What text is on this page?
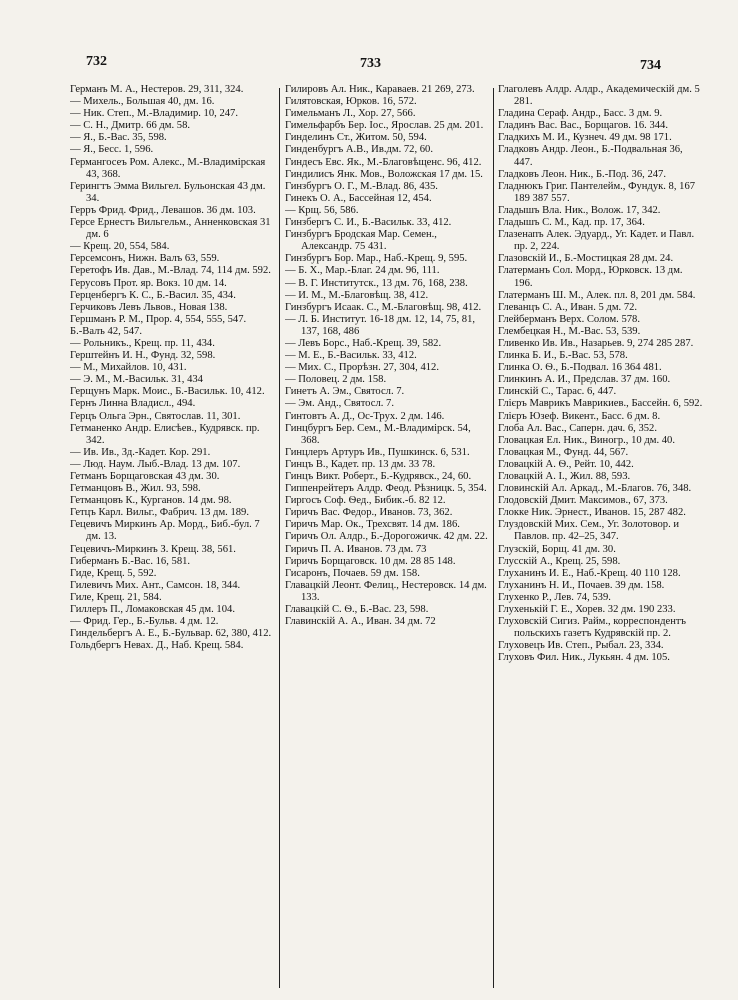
732	733	734

Германъ М. А., Нестеров. 29, 311, 324.

— Михель., Большая 40, дм. 16.

— Ник. Степ., М.-Владимир. 10, 247.

— С. Н., Дмитр. 66 дм. 58.

— Я., Б.-Вас. 35, 598.

— Я., Бесс. 1, 596.

Германгосеъ Ром. Алекс., М.-Владимірская 43, 368.

Герингтъ Эмма Вильгел. Бульонская 43 дм. 34.

Герръ Фрид. Фрид., Левашов. 36 дм. 103.

Герсе Ернестъ Вильгельм., Анненковская 31 дм. 6

— Крещ. 20, 554, 584.

Герсемсонъ, Нижн. Валъ 63, 559.

Геретофъ Ив. Дав., М.-Влад. 74, 114 дм. 592.

Герусовъ Прот. яр. Вокз. 10 дм. 14.

Герценбергъ К. С., Б.-Васил. 35, 434.

Герчиковъ Левъ Львов., Новая 138.

Гершманъ Р. М., Прор. 4, 554, 555, 547.

Б.-Валъ 42, 547.

— Рольникъ., Крещ. пр. 11, 434.

Герштейнъ И. Н., Фунд. 32, 598.

— М., Михайлов. 10, 431.

— Э. М., М.-Васильк. 31, 434

Герщунъ Марк. Моис., Б.-Васильк. 10, 412.

Гернъ Линна Владисл., 494.

Герцъ Ольга Эрн., Святослав. 11, 301.

Гетманенко Андр. Елисѣев., Кудрявск. пр. 342.

— Ив. Ив., Зд.-Кадет. Кор. 291.

— Люд. Наум. Лыб.-Влад. 13 дм. 107.

Гетманъ Борщаговская 43 дм. 30.

Гетманцовъ В., Жил. 93, 598.

Гетманцовъ К., Курганов. 14 дм. 98.

Гетцъ Карл. Вильг., Фабрич. 13 дм. 189.

Гецевичъ Миркинъ Ар. Морд., Биб.-бул. 7 дм. 13.

Гецевичъ-Миркинъ З. Крещ. 38, 561.

Гиберманъ Б.-Вас. 16, 581.

Гиде, Крещ. 5, 592.

Гилевичъ Мих. Ант., Самсон. 18, 344.

Гиле, Крещ. 21, 584.

Гиллеръ П., Ломаковская 45 дм. 104.

— Фрид. Гер., Б.-Бульв. 4 дм. 12.

Гиндельбергъ А. Е., Б.-Бульвар. 62, 380, 412.

Гольдбергъ Невах. Д., Наб. Крещ. 584.

Гилировъ Ал. Ник., Караваев. 21 269, 273.

Гилятовская, Юрков. 16, 572.

Гимельманъ Л., Хор. 27, 566.

Гимельфарбъ Бер. Іос., Ярослав. 25 дм. 201.

Гинделинъ Ст., Житом. 50, 594.

Гинденбургъ А.В., Ив.дм. 72, 60.

Гиндесъ Евс. Як., М.-Благовѣщенс. 96, 412.

Гиндилисъ Янк. Мов., Воложская 17 дм. 15.

Гинзбургъ О. Г., М.-Влад. 86, 435.

Гинекъ О. А., Бассейная 12, 454.

— Крщ. 56, 586.

Гинзбергъ С. И., Б.-Васильк. 33, 412.

Гинзбургъ Бродская Мар. Семен., Александр. 75 431.

Гинзбургъ Бор. Мар., Наб.-Крещ. 9, 595.

— Б. Х., Мар.-Благ. 24 дм. 96, 111.

— В. Г. Институтск., 13 дм. 76, 168, 238.

— И. М., М.-Благовѣщ. 38, 412.

Гинзбургъ Исаак. С., М.-Благовѣщ. 98, 412.

— Л. Б. Институт. 16-18 дм. 12, 14, 75, 81, 137, 168, 486

— Левъ Борс., Наб.-Крещ. 39, 582.

— М. Е., Б.-Васильк. 33, 412.

— Мих. С., Прорѣзн. 27, 304, 412.

— Половец. 2 дм. 158.

Гинетъ А. Эм., Святосл. 7.

— Эм. Анд., Святосл. 7.

Гинтовтъ А. Д., Ос-Трух. 2 дм. 146.

Гинцбургъ Бер. Сем., М.-Владимірск. 54, 368.

Гинцлеръ Артуръ Ив., Пушкинск. 6, 531.

Гинцъ В., Кадет. пр. 13 дм. 33 78.

Гинцъ Викт. Роберт., Б.-Кудрявск., 24, 60.

Гиппенрейтеръ Алдр. Феод. Рѣзницк. 5, 354.

Гиргосъ Соф. Ѳед., Бибик.-б. 82 12.

Гиричъ Вас. Федор., Иванов. 73, 362.

Гиричъ Мар. Ок., Трехсвят. 14 дм. 186.

Гиричъ Ол. Алдр., Б.-Дорогожичк. 42 дм. 22.

Гиричъ П. А. Иванов. 73 дм. 73

Гиричъ Борщаговск. 10 дм. 28 85 148.

Гисаронъ, Почаев. 59 дм. 158.

Главацкій Леонт. Фелиц., Нестеровск. 14 дм. 133.

Главацкій С. Ѳ., Б.-Вас. 23, 598.

Главинскій А. А., Иван. 34 дм. 72

Глаголевъ Алдр. Алдр., Академическій дм. 5 281.

Гладина Сераф. Андр., Басс. 3 дм. 9.

Гладинъ Вас. Вас., Борщагов. 16. 344.

Гладкихъ М. И., Кузнеч. 49 дм. 98 171.

Гладковъ Андр. Леон., Б.-Подвальная 36, 447.

Гладковъ Леон. Ник., Б.-Под. 36, 247.

Гладнюкъ Григ. Пантелейм., Фундук. 8, 167 189 387 557.

Гладышъ Вла. Ник., Волож. 17, 342.

Гладышъ С. М., Кад. пр. 17, 364.

Глазенапъ Алек. Эдуард., Уг. Кадет. и Павл. пр. 2, 224.

Глазовскій И., Б.-Мостицкая 28 дм. 24.

Глатерманъ Сол. Морд., Юрковск. 13 дм. 196.

Глатерманъ Ш. М., Алек. пл. 8, 201 дм. 584.

Глеванцъ С. А., Иван. 5 дм. 72.

Глейберманъ Верх. Солом. 578.

Глембецкая Н., М.-Вас. 53, 539.

Гливенко Ив. Ив., Назарьев. 9, 274 285 287.

Глинка Б. И., Б.-Вас. 53, 578.

Глинка О. Ѳ., Б.-Подвал. 16 364 481.

Глинкинъ А. И., Предслав. 37 дм. 160.

Глинскій С., Тарас. 6, 447.

Глієръ Маврикъ Маврикиев., Бассейн. 6, 592.

Глієръ Юзеф. Викент., Басс. 6 дм. 8.

Глоба Ал. Вас., Саперн. дач. 6, 352.

Гловацкая Ел. Ник., Виногр., 10 дм. 40.

Гловацкая М., Фунд. 44, 567.

Гловацкій А. Ѳ., Рейт. 10, 442.

Гловацкій А. І., Жил. 88, 593.

Гловинскій Ал. Аркад., М.-Благов. 76, 348.

Глодовскій Дмит. Максимов., 67, 373.

Глокке Ник. Эрнест., Иванов. 15, 287 482.

Глуздовскій Мих. Сем., Уг. Золотовор. и Павлов. пр. 42–25, 347.

Глузскій, Борщ. 41 дм. 30.

Глусскій А., Крещ. 25, 598.

Глуханинъ И. Е., Наб.-Крещ. 40 110 128.

Глуханинъ Н. И., Почаев. 39 дм. 158.

Глухенко Р., Лев. 74, 539.

Глухенькій Г. Е., Хорев. 32 дм. 190 233.

Глуховскій Сигиз. Райм., корреспондентъ польскихъ газетъ Кудрявскій пр. 2.

Глуховецъ Ив. Степ., Рыбал. 23, 334.

Глуховъ Фил. Ник., Лукьян. 4 дм. 105.
